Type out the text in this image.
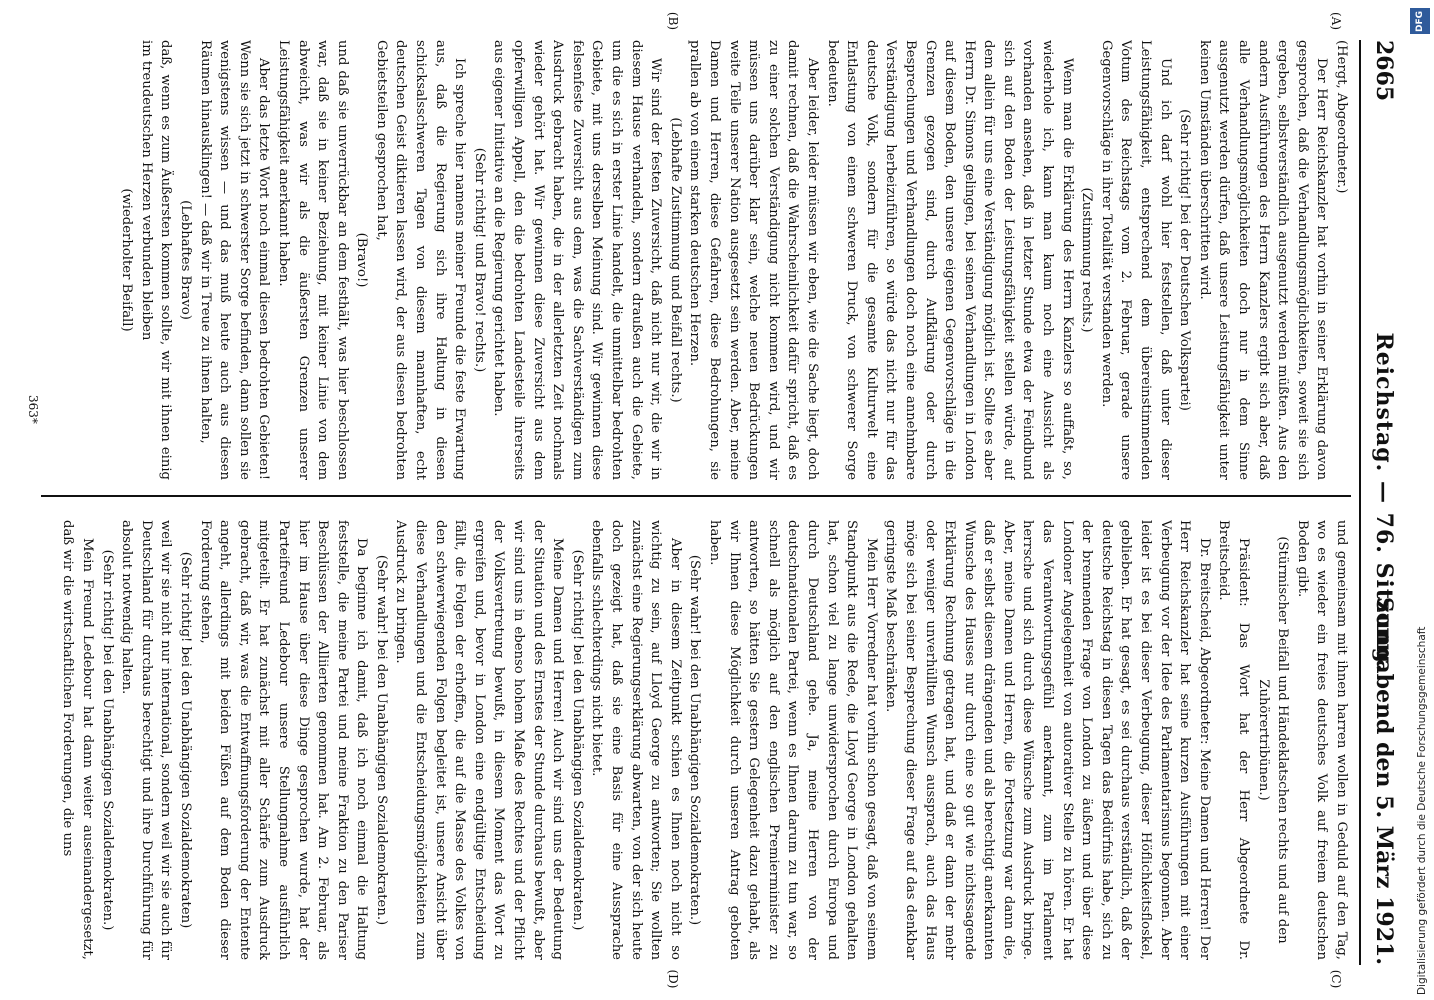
2665
Reichstag. — 76. Sitzung.
Sonnabend den 5. März 1921.
(A)
(B)
(C)
(D)

(Hergt, Abgeordneter.)

Der Herr Reichskanzler hat vorhin in seiner Erklärung davon gesprochen, daß die Verhandlungsmöglichkeiten, soweit sie sich ergeben, selbstverständlich ausgenutzt werden müßten. Aus den andern Ausführungen des Herrn Kanzlers ergibt sich aber, daß alle Verhandlungsmöglichkeiten doch nur in dem Sinne ausgenutzt werden dürfen, daß unsere Leistungsfähigkeit unter keinen Umständen überschritten wird.

(Sehr richtig! bei der Deutschen Volkspartei)

Und ich darf wohl hier feststellen, daß unter dieser Leistungsfähigkeit, entsprechend dem übereinstimmenden Votum des Reichstags vom 2. Februar, gerade unsere Gegenvorschläge in ihrer Totalität verstanden werden.

(Zustimmung rechts.)

Wenn man die Erklärung des Herrn Kanzlers so auffaßt, so, wiederhole ich, kann man kaum noch eine Aussicht als vorhanden ansehen, daß in letzter Stunde etwa der Feindbund sich auf den Boden der Leistungsfähigkeit stellen würde, auf dem allein für uns eine Verständigung möglich ist. Sollte es aber Herrn Dr. Simons gelingen, bei seinen Verhandlungen in London auf diesem Boden, den unsere eigenen Gegenvorschläge in die Grenzen gezogen sind, durch Aufklärung oder durch Besprechungen und Verhandlungen doch noch eine annehmbare Verständigung herbeizuführen, so würde das nicht nur für das deutsche Volk, sondern für die gesamte Kulturwelt eine Entlastung von einem schweren Druck, von schwerer Sorge bedeuten.

Aber leider, leider müssen wir eben, wie die Sache liegt, doch damit rechnen, daß die Wahrscheinlichkeit dafür spricht, daß es zu einer solchen Verständigung nicht kommen wird, und wir müssen uns darüber klar sein, welche neuen Bedrückungen weite Teile unserer Nation ausgesetzt sein werden. Aber, meine Damen und Herren, diese Gefahren, diese Bedrohungen, sie prallen ab von einem starken deutschen Herzen.

(Lebhafte Zustimmung und Beifall rechts.)

Wir sind der festen Zuversicht, daß nicht nur wir, die wir in diesem Hause verhandeln, sondern draußen auch die Gebiete, um die es sich in erster Linie handelt, die unmittelbar bedrohten Gebiete, mit uns derselben Meinung sind. Wir gewinnen diese felsenfeste Zuversicht aus dem, was die Sachverständigen zum Ausdruck gebracht haben, die in der allerletzten Zeit nochmals wieder gehört hat. Wir gewinnen diese Zuversicht aus dem opferwilligen Appell, den die bedrohten Landesteile ihrerseits aus eigener Initiative an die Regierung gerichtet haben.

(Sehr richtig! und Bravo! rechts.)

Ich spreche hier namens meiner Freunde die feste Erwartung aus, daß die Regierung sich ihre Haltung in diesen schicksalsschweren Tagen von diesem mannhaften, echt deutschen Geist diktieren lassen wird, der aus diesen bedrohten Gebietsteilen gesprochen hat,

(Bravo!)

und daß sie unverrückbar an dem festhält, was hier beschlossen war, daß sie in keiner Beziehung, mit keiner Linie von dem abweicht, was wir als die äußersten Grenzen unserer Leistungsfähigkeit anerkannt haben.

Aber das letzte Wort noch einmal diesen bedrohten Gebieten! Wenn sie sich jetzt in schwerster Sorge befinden, dann sollen sie wenigstens wissen — und das muß heute auch aus diesen Räumen hinausklingen! — daß wir in Treue zu ihnen halten,

(Lebhaftes Bravo)

daß, wenn es zum Äußersten kommen sollte, wir mit ihnen einig im treudeutschen Herzen verbunden bleiben

(wiederholter Beifall)

und gemeinsam mit ihnen harren wollen in Geduld auf den Tag, wo es wieder ein freies deutsches Volk auf freiem deutschen Boden gibt.

(Stürmischer Beifall und Händeklatschen rechts und auf den Zuhörertribünen.)

Präsident: Das Wort hat der Herr Abgeordnete Dr. Breitscheid.

Dr. Breitscheid, Abgeordneter: Meine Damen und Herren! Der Herr Reichskanzler hat seine kurzen Ausführungen mit einer Verbeugung vor der Idee des Parlamentarismus begonnen. Aber leider ist es bei dieser Verbeugung, dieser Höflichkeitsfloskel, geblieben. Er hat gesagt, es sei durchaus verständlich, daß der deutsche Reichstag in diesen Tagen das Bedürfnis habe, sich zu der brennenden Frage von London zu äußern und über diese Londoner Angelegenheit von autorativer Stelle zu hören. Er hat das Verantwortungsgefühl anerkannt, zum im Parlament herrsche und sich durch diese Wünsche zum Ausdruck bringe. Aber, meine Damen und Herren, die Fortsetzung war dann die, daß er selbst diesem drängenden und als berechtigt anerkannten Wunsche des Hauses nur durch eine so gut wie nichtssagende Erklärung Rechnung getragen hat, und daß er dann der mehr oder weniger unverhüllten Wunsch aussprach, auch das Haus möge sich bei seiner Besprechung dieser Frage auf das denkbar geringste Maß beschränken.

Mein Herr Vorredner hat vorhin schon gesagt, daß von seinem Standpunkt aus die Rede, die Lloyd George in London gehalten hat, schon viel zu lange unwidersprochen durch Europa und durch Deutschland gehe. Ja, meine Herren von der deutschnationalen Partei, wenn es Ihnen darum zu tun war, so schnell als möglich auf den englischen Premierminister zu antworten, so hätten Sie gestern Gelegenheit dazu gehabt, als wir Ihnen diese Möglichkeit durch unseren Antrag geboten haben.

(Sehr wahr! bei den Unabhängigen Sozialdemokraten.)

Aber in diesem Zeitpunkt schien es Ihnen noch nicht so wichtig zu sein, auf Lloyd George zu antworten; Sie wollten zunächst eine Regierungserklärung abwarten, von der sich heute doch gezeigt hat, daß sie eine Basis für eine Aussprache ebenfalls schlechterdings nicht bietet.

(Sehr richtig! bei den Unabhängigen Sozialdemokraten.)

Meine Damen und Herren! Auch wir sind uns der Bedeutung der Situation und des Ernstes der Stunde durchaus bewußt, aber wir sind uns in ebenso hohem Maße des Rechtes und der Pflicht der Volksvertretung bewußt, in diesem Moment das Wort zu ergreifen und, bevor in London eine endgültige Entscheidung fällt, die Folgen der erhoffen, die auf die Masse des Volkes von den schwerwiegenden Folgen begleitet ist, unsere Ansicht über diese Verhandlungen und die Entscheidungsmöglichkeiten zum Ausdruck zu bringen.

(Sehr wahr! bei den Unabhängigen Sozialdemokraten.)

Da beginne ich damit, daß ich noch einmal die Haltung feststelle, die meine Partei und meine Fraktion zu den Pariser Beschlüssen der Alliierten genommen hat. Am 2. Februar, als hier im Hause über diese Dinge gesprochen wurde, hat der Parteifreund Ledebour unsere Stellungnahme ausführlich mitgeteilt. Er hat zunächst mit aller Schärfe zum Ausdruck gebracht, daß wir, was die Entwaffnungsforderung der Entente angeht, allerdings mit beiden Füßen auf dem Boden dieser Forderung stehen,

(Sehr richtig! bei den Unabhängigen Sozialdemokraten)

weil wir sie nicht nur international, sondern weil wir sie auch für Deutschland für durchaus berechtigt und ihre Durchführung für absolut notwendig halten.

(Sehr richtig! bei den Unabhängigen Sozialdemokraten.)

Mein Freund Ledebour hat dann weiter auseinandergesetzt, daß wir die wirtschaftlichen Forderungen, die uns

363*
DFG
Digitalisierung gefördert durch die Deutsche Forschungsgemeinschaft
